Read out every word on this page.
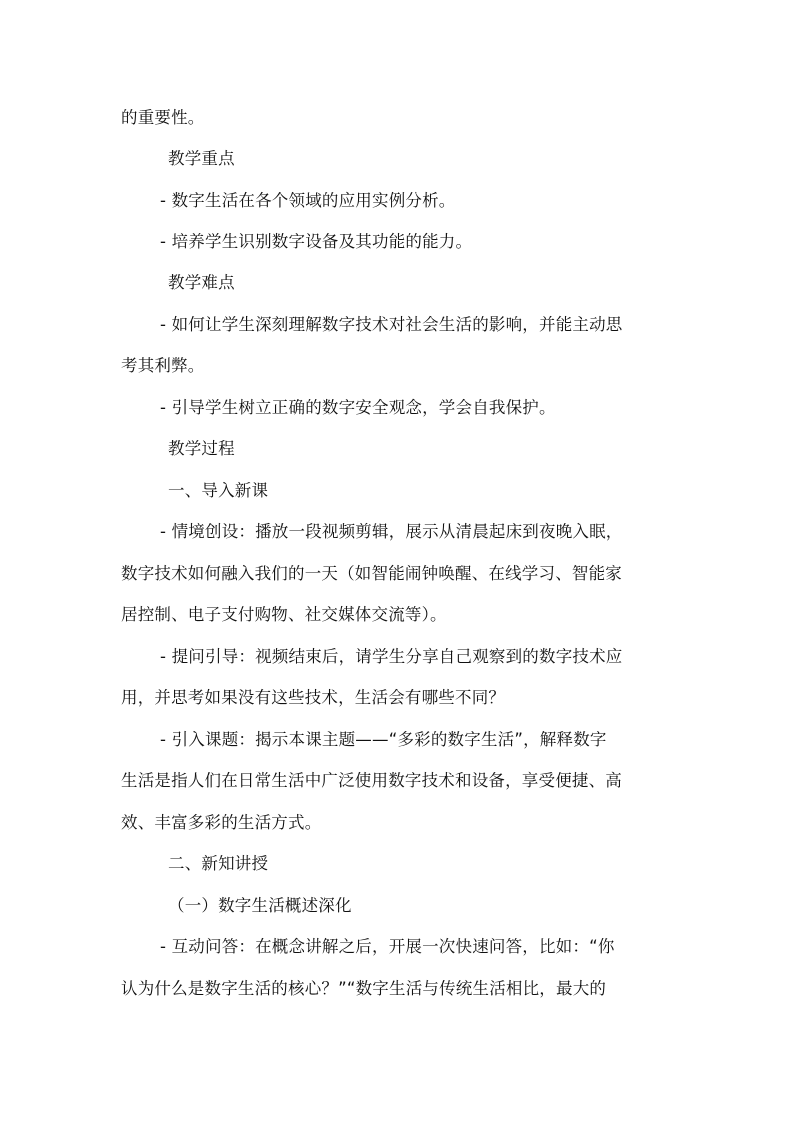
的重要性。
教学重点
- 数字生活在各个领域的应用实例分析。
- 培养学生识别数字设备及其功能的能力。
教学难点
- 如何让学生深刻理解数字技术对社会生活的影响，并能主动思
考其利弊。
- 引导学生树立正确的数字安全观念，学会自我保护。
教学过程
一、导入新课
- 情境创设：播放一段视频剪辑，展示从清晨起床到夜晚入眠，
数字技术如何融入我们的一天（如智能闹钟唤醒、在线学习、智能家
居控制、电子支付购物、社交媒体交流等）。
- 提问引导：视频结束后，请学生分享自己观察到的数字技术应
用，并思考如果没有这些技术，生活会有哪些不同？
- 引入课题：揭示本课主题——“多彩的数字生活”，解释数字
生活是指人们在日常生活中广泛使用数字技术和设备，享受便捷、高
效、丰富多彩的生活方式。
二、新知讲授
（一）数字生活概述深化
- 互动问答：在概念讲解之后，开展一次快速问答，比如：“你
认为什么是数字生活的核心？”“数字生活与传统生活相比，最大的
